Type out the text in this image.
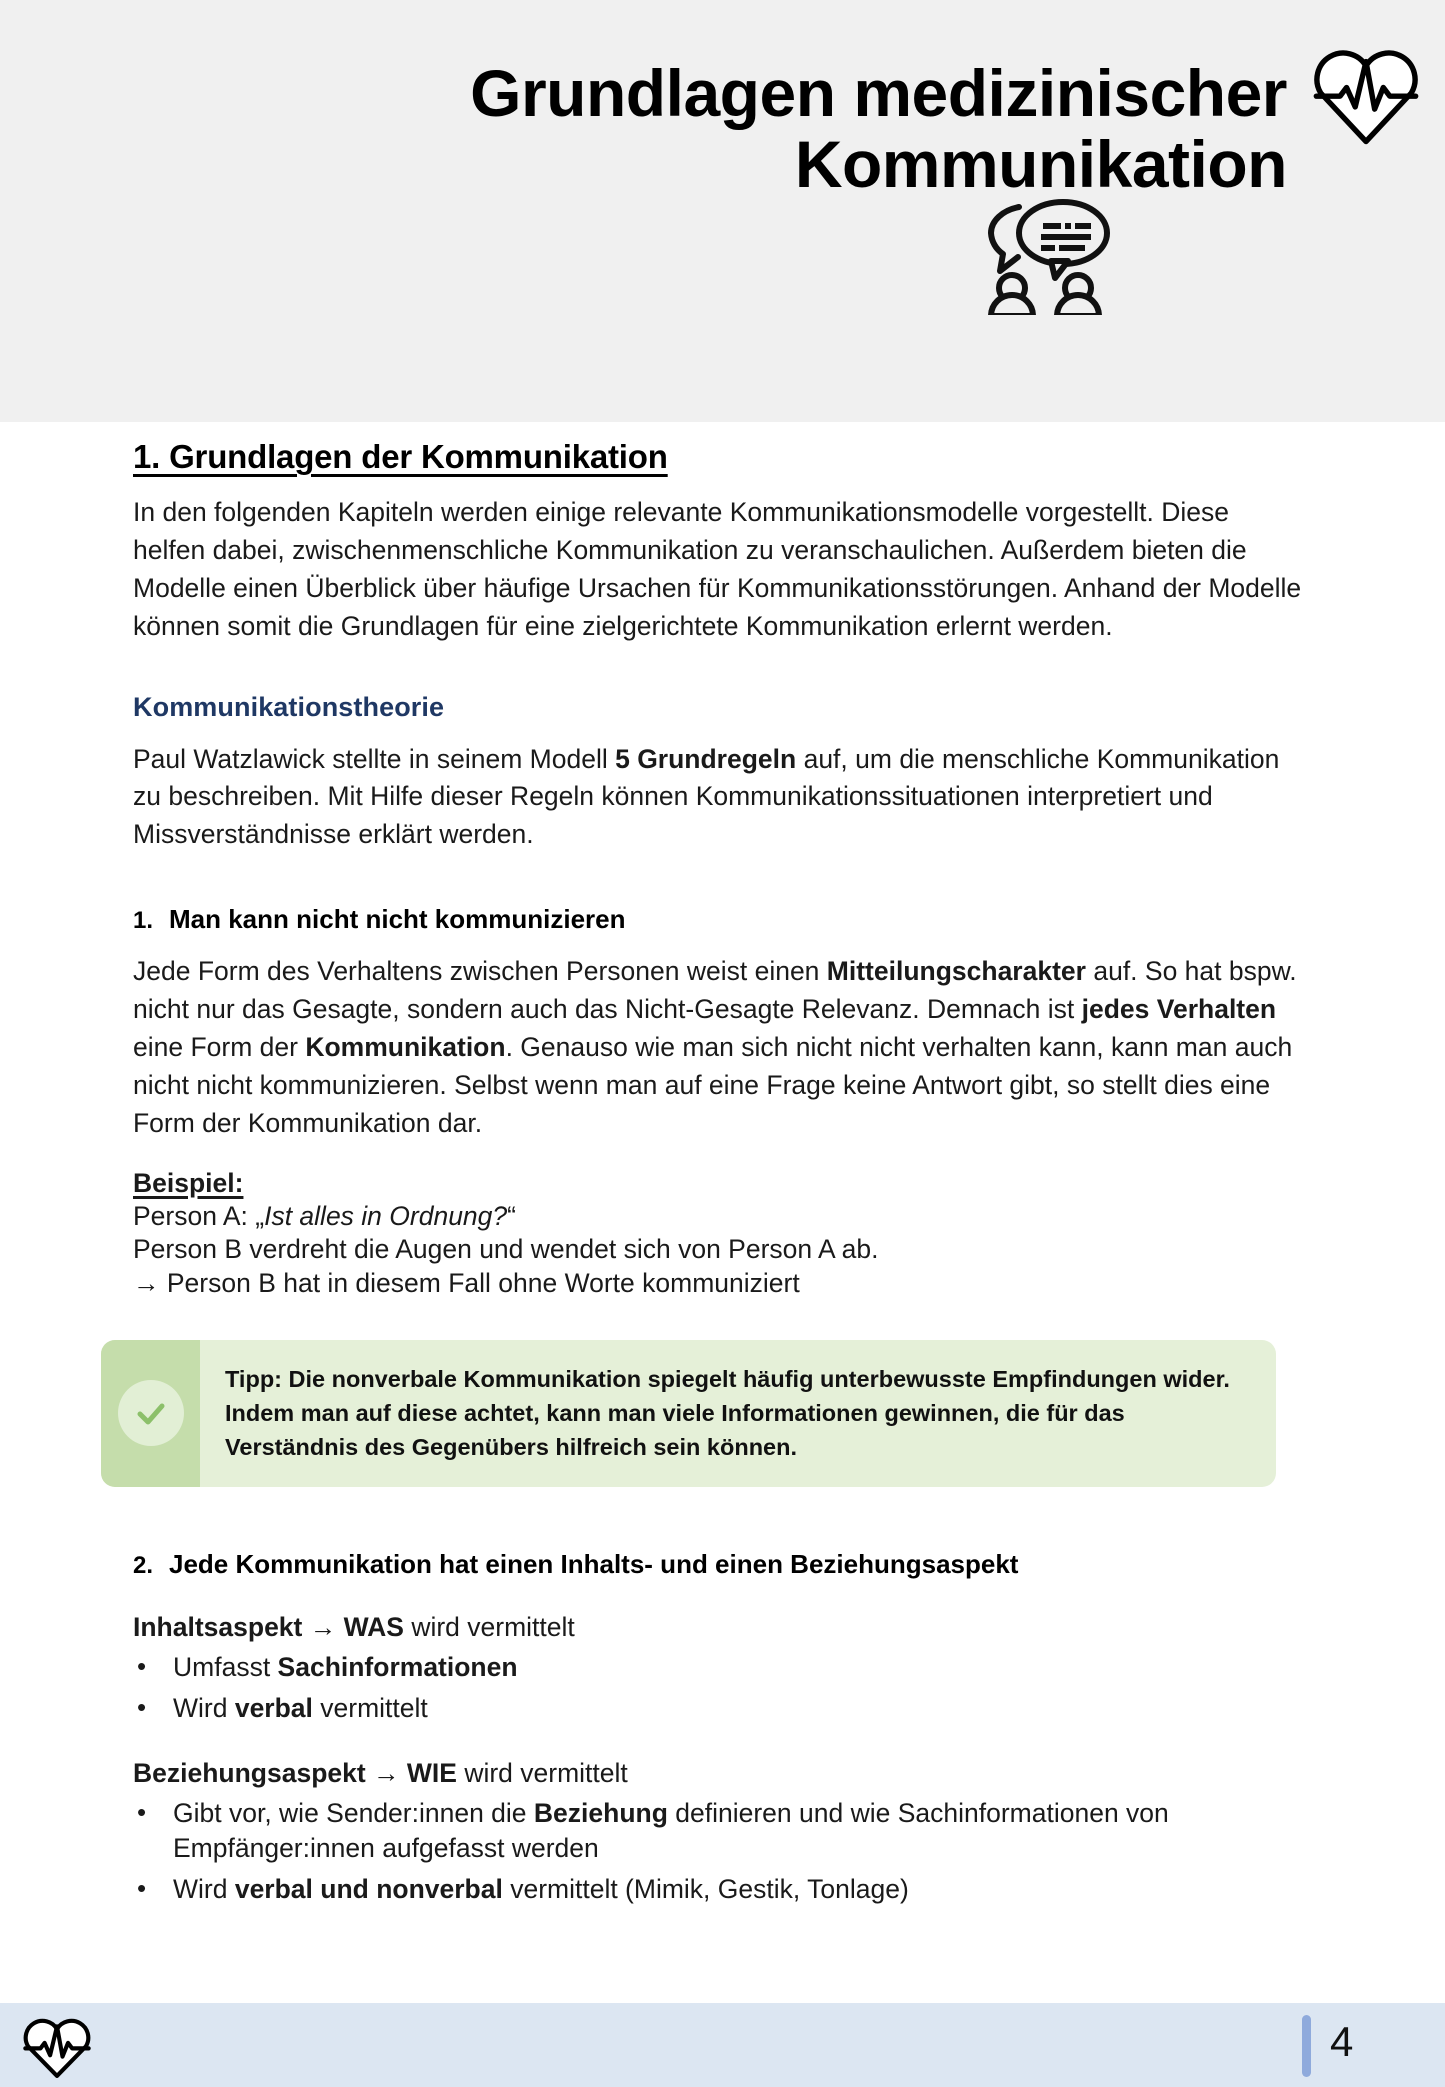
Grundlagen medizinischer
Kommunikation
1. Grundlagen der Kommunikation

In den folgenden Kapiteln werden einige relevante Kommunikationsmodelle vorgestellt. Diese helfen dabei, zwischenmenschliche Kommunikation zu veranschaulichen. Außerdem bieten die Modelle einen Überblick über häufige Ursachen für Kommunikationsstörungen. Anhand der Modelle können somit die Grundlagen für eine zielgerichtete Kommunikation erlernt werden.

Kommunikationstheorie

Paul Watzlawick stellte in seinem Modell 5 Grundregeln auf, um die menschliche Kommunikation zu beschreiben. Mit Hilfe dieser Regeln können Kommunikationssituationen interpretiert und Missverständnisse erklärt werden.

1. Man kann nicht nicht kommunizieren

Jede Form des Verhaltens zwischen Personen weist einen Mitteilungscharakter auf. So hat bspw. nicht nur das Gesagte, sondern auch das Nicht-Gesagte Relevanz. Demnach ist jedes Verhalten eine Form der Kommunikation. Genauso wie man sich nicht nicht verhalten kann, kann man auch nicht nicht kommunizieren. Selbst wenn man auf eine Frage keine Antwort gibt, so stellt dies eine Form der Kommunikation dar.

Beispiel:
Person A: „Ist alles in Ordnung?“
Person B verdreht die Augen und wendet sich von Person A ab.
→ Person B hat in diesem Fall ohne Worte kommuniziert
Tipp: Die nonverbale Kommunikation spiegelt häufig unterbewusste Empfindungen wider. Indem man auf diese achtet, kann man viele Informationen gewinnen, die für das Verständnis des Gegenübers hilfreich sein können.
2. Jede Kommunikation hat einen Inhalts- und einen Beziehungsaspekt
Inhaltsaspekt → WAS wird vermittelt
• Umfasst Sachinformationen
• Wird verbal vermittelt
Beziehungsaspekt → WIE wird vermittelt
• Gibt vor, wie Sender:innen die Beziehung definieren und wie Sachinformationen von Empfänger:innen aufgefasst werden
• Wird verbal und nonverbal vermittelt (Mimik, Gestik, Tonlage)
4
